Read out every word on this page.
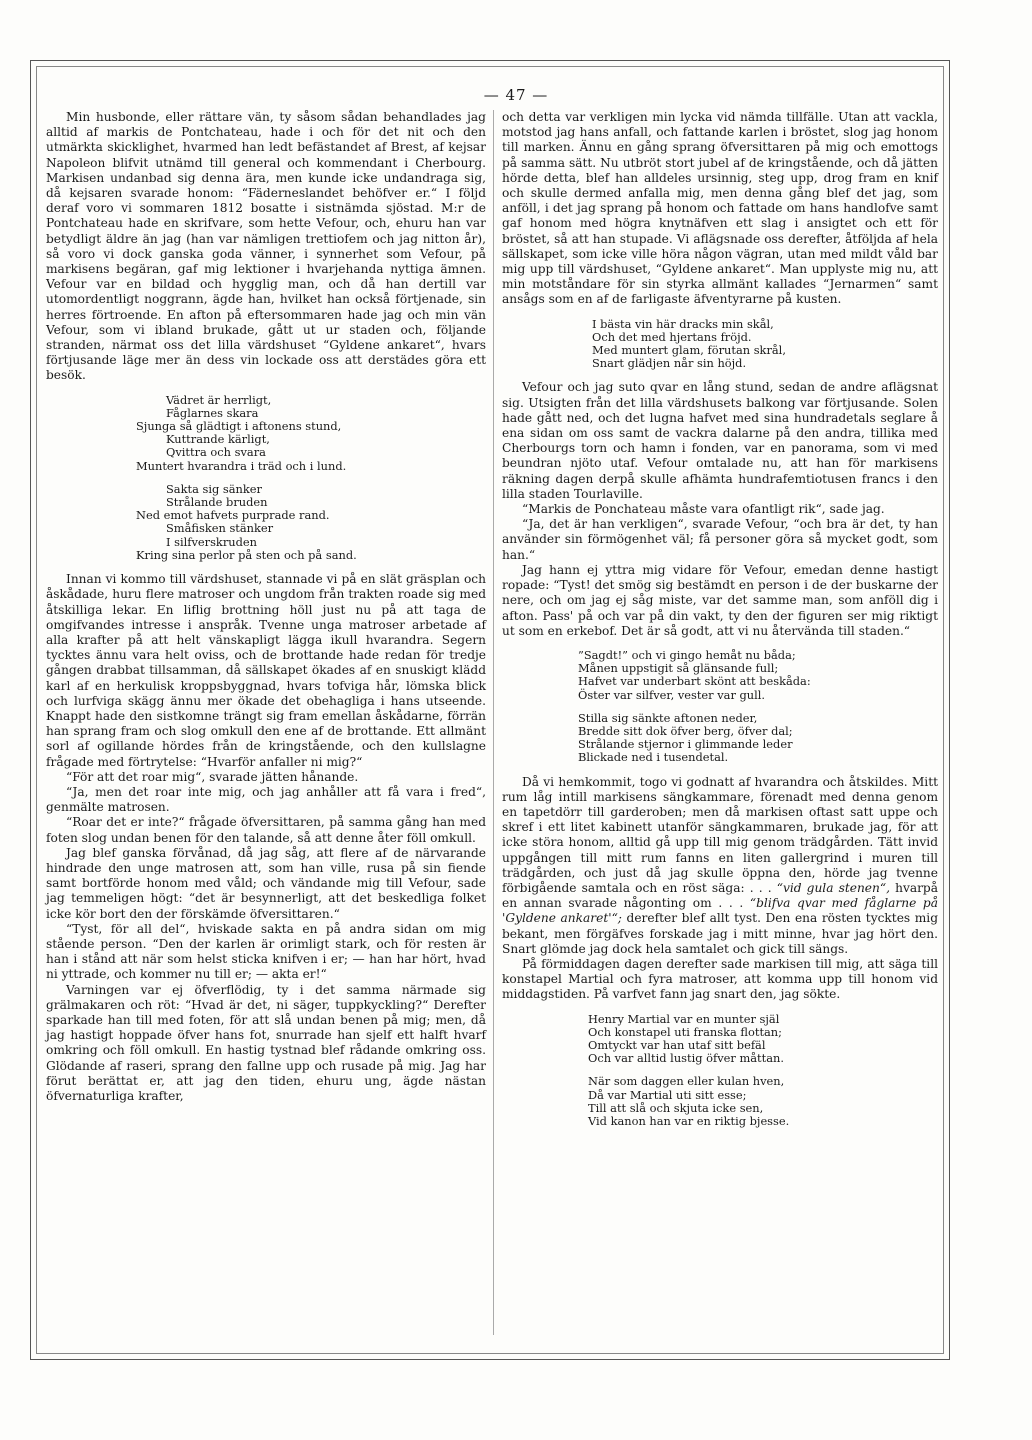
— 47 —

Min husbonde, eller rättare vän, ty såsom sådan behandlades jag alltid af markis de Pontchateau, hade i och för det nit och den utmärkta skicklighet, hvarmed han ledt befästandet af Brest, af kejsar Napoleon blifvit utnämd till general och kommendant i Cherbourg. Markisen undanbad sig denna ära, men kunde icke undandraga sig, då kejsaren svarade honom: “Fäderneslandet behöfver er.“ I följd deraf voro vi sommaren 1812 bosatte i sistnämda sjöstad. M:r de Pontchateau hade en skrifvare, som hette Vefour, och, ehuru han var betydligt äldre än jag (han var nämligen trettiofem och jag nitton år), så voro vi dock ganska goda vänner, i synnerhet som Vefour, på markisens begäran, gaf mig lektioner i hvarjehanda nyttiga ämnen. Vefour var en bildad och hygglig man, och då han dertill var utomordentligt noggrann, ägde han, hvilket han också förtjenade, sin herres förtroende. En afton på eftersommaren hade jag och min vän Vefour, som vi ibland brukade, gått ut ur staden och, följande stranden, närmat oss det lilla värdshuset “Gyldene ankaret“, hvars förtjusande läge mer än dess vin lockade oss att derstädes göra ett besök.

Vädret är herrligt,
Fåglarnes skara
Sjunga så glädtigt i aftonens stund,
Kuttrande kärligt,
Qvittra och svara
Muntert hvarandra i träd och i lund.
Sakta sig sänker
Strålande bruden
Ned emot hafvets purprade rand.
Småfisken stänker
I silfverskruden
Kring sina perlor på sten och på sand.

Innan vi kommo till värdshuset, stannade vi på en slät gräsplan och åskådade, huru flere matroser och ungdom från trakten roade sig med åtskilliga lekar. En liflig brottning höll just nu på att taga de omgifvandes intresse i anspråk. Tvenne unga matroser arbetade af alla krafter på att helt vänskapligt lägga ikull hvarandra. Segern tycktes ännu vara helt oviss, och de brottande hade redan för tredje gången drabbat tillsamman, då sällskapet ökades af en snuskigt klädd karl af en herkulisk kroppsbyggnad, hvars tofviga hår, lömska blick och lurfviga skägg ännu mer ökade det obehagliga i hans utseende. Knappt hade den sistkomne trängt sig fram emellan åskådarne, förrän han sprang fram och slog omkull den ene af de brottande. Ett allmänt sorl af ogillande hördes från de kringstående, och den kullslagne frågade med förtrytelse: “Hvarför anfaller ni mig?“

“För att det roar mig“, svarade jätten hånande.

“Ja, men det roar inte mig, och jag anhåller att få vara i fred“, genmälte matrosen.

“Roar det er inte?“ frågade öfversittaren, på samma gång han med foten slog undan benen för den talande, så att denne åter föll omkull.

Jag blef ganska förvånad, då jag såg, att flere af de närvarande hindrade den unge matrosen att, som han ville, rusa på sin fiende samt bortförde honom med våld; och vändande mig till Vefour, sade jag temmeligen högt: “det är besynnerligt, att det beskedliga folket icke kör bort den der förskämde öfversittaren.“

“Tyst, för all del“, hviskade sakta en på andra sidan om mig stående person. “Den der karlen är orimligt stark, och för resten är han i stånd att när som helst sticka knifven i er; — han har hört, hvad ni yttrade, och kommer nu till er; — akta er!“

Varningen var ej öfverflödig, ty i det samma närmade sig grälmakaren och röt: “Hvad är det, ni säger, tuppkyckling?“ Derefter sparkade han till med foten, för att slå undan benen på mig; men, då jag hastigt hoppade öfver hans fot, snurrade han sjelf ett halft hvarf omkring och föll omkull. En hastig tystnad blef rådande omkring oss. Glödande af raseri, sprang den fallne upp och rusade på mig. Jag har förut berättat er, att jag den tiden, ehuru ung, ägde nästan öfvernaturliga krafter,

och detta var verkligen min lycka vid nämda tillfälle. Utan att vackla, motstod jag hans anfall, och fattande karlen i bröstet, slog jag honom till marken. Ännu en gång sprang öfversittaren på mig och emottogs på samma sätt. Nu utbröt stort jubel af de kringstående, och då jätten hörde detta, blef han alldeles ursinnig, steg upp, drog fram en knif och skulle dermed anfalla mig, men denna gång blef det jag, som anföll, i det jag sprang på honom och fattade om hans handlofve samt gaf honom med högra knytnäfven ett slag i ansigtet och ett för bröstet, så att han stupade. Vi aflägsnade oss derefter, åtföljda af hela sällskapet, som icke ville höra någon vägran, utan med mildt våld bar mig upp till värdshuset, “Gyldene ankaret“. Man upplyste mig nu, att min motståndare för sin styrka allmänt kallades “Jernarmen“ samt ansågs som en af de farligaste äfventyrarne på kusten.

I bästa vin här dracks min skål,
Och det med hjertans fröjd.
Med muntert glam, förutan skrål,
Snart glädjen når sin höjd.

Vefour och jag suto qvar en lång stund, sedan de andre aflägsnat sig. Utsigten från det lilla värdshusets balkong var förtjusande. Solen hade gått ned, och det lugna hafvet med sina hundradetals seglare å ena sidan om oss samt de vackra dalarne på den andra, tillika med Cherbourgs torn och hamn i fonden, var en panorama, som vi med beundran njöto utaf. Vefour omtalade nu, att han för markisens räkning dagen derpå skulle afhämta hundrafemtiotusen francs i den lilla staden Tourlaville.

“Markis de Ponchateau måste vara ofantligt rik“, sade jag.

“Ja, det är han verkligen“, svarade Vefour, “och bra är det, ty han använder sin förmögenhet väl; få personer göra så mycket godt, som han.“

Jag hann ej yttra mig vidare för Vefour, emedan denne hastigt ropade: “Tyst! det smög sig bestämdt en person i de der buskarne der nere, och om jag ej såg miste, var det samme man, som anföll dig i afton. Pass' på och var på din vakt, ty den der figuren ser mig riktigt ut som en erkebof. Det är så godt, att vi nu återvända till staden.“

”Sagdt!” och vi gingo hemåt nu båda;
Månen uppstigit så glänsande full;
Hafvet var underbart skönt att beskåda:
Öster var silfver, vester var gull.
Stilla sig sänkte aftonen neder,
Bredde sitt dok öfver berg, öfver dal;
Strålande stjernor i glimmande leder
Blickade ned i tusendetal.

Då vi hemkommit, togo vi godnatt af hvarandra och åtskildes. Mitt rum låg intill markisens sängkammare, förenadt med denna genom en tapetdörr till garderoben; men då markisen oftast satt uppe och skref i ett litet kabinett utanför sängkammaren, brukade jag, för att icke störa honom, alltid gå upp till mig genom trädgården. Tätt invid uppgången till mitt rum fanns en liten gallergrind i muren till trädgården, och just då jag skulle öppna den, hörde jag tvenne förbigående samtala och en röst säga: . . . “vid gula stenen“, hvarpå en annan svarade någonting om . . . “blifva qvar med fåglarne på 'Gyldene ankaret'“; derefter blef allt tyst. Den ena rösten tycktes mig bekant, men förgäfves forskade jag i mitt minne, hvar jag hört den. Snart glömde jag dock hela samtalet och gick till sängs.

På förmiddagen dagen derefter sade markisen till mig, att säga till konstapel Martial och fyra matroser, att komma upp till honom vid middagstiden. På varfvet fann jag snart den, jag sökte.

Henry Martial var en munter själ
Och konstapel uti franska flottan;
Omtyckt var han utaf sitt befäl
Och var alltid lustig öfver måttan.
När som daggen eller kulan hven,
Då var Martial uti sitt esse;
Till att slå och skjuta icke sen,
Vid kanon han var en riktig bjesse.
